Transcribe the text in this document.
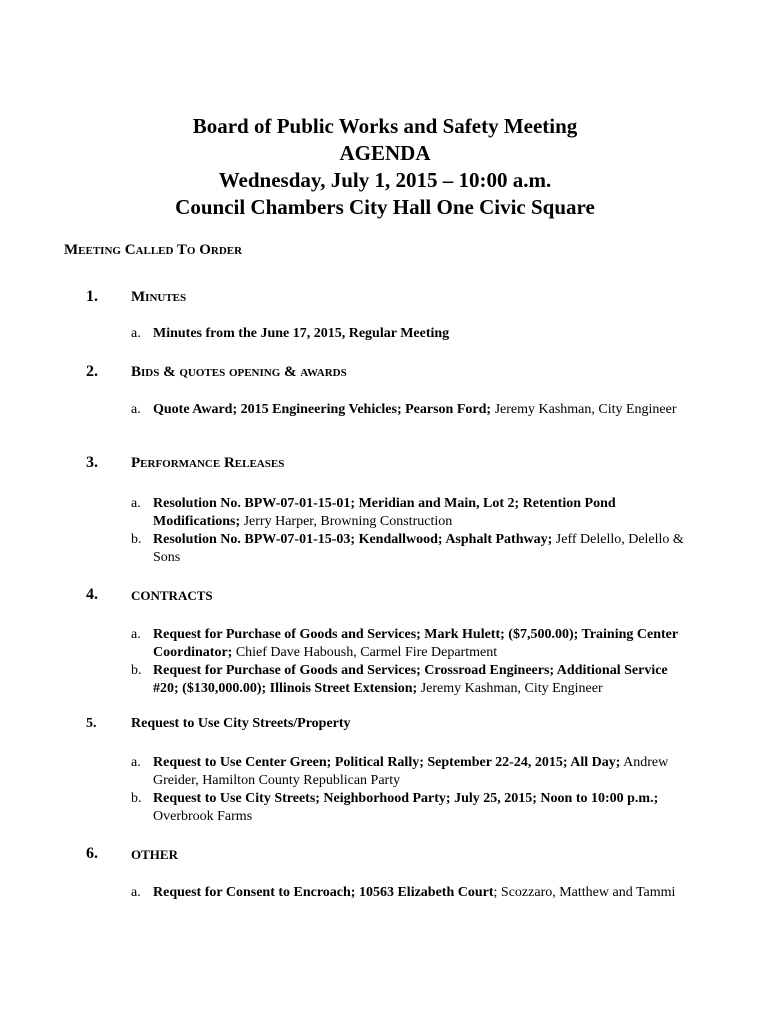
Board of Public Works and Safety Meeting
AGENDA
Wednesday, July 1, 2015 – 10:00 a.m.
Council Chambers City Hall One Civic Square
Meeting Called To Order
1. Minutes
a. Minutes from the June 17, 2015, Regular Meeting
2. Bids & quotes opening & awards
a. Quote Award; 2015 Engineering Vehicles; Pearson Ford; Jeremy Kashman, City Engineer
3. Performance Releases
a. Resolution No. BPW-07-01-15-01; Meridian and Main, Lot 2; Retention Pond Modifications; Jerry Harper, Browning Construction
b. Resolution No. BPW-07-01-15-03; Kendallwood; Asphalt Pathway; Jeff Delello, Delello & Sons
4.	CONTRACTS
a. Request for Purchase of Goods and Services; Mark Hulett; ($7,500.00); Training Center Coordinator; Chief Dave Haboush, Carmel Fire Department
b. Request for Purchase of Goods and Services; Crossroad Engineers; Additional Service #20; ($130,000.00); Illinois Street Extension; Jeremy Kashman, City Engineer
5. Request to Use City Streets/Property
a. Request to Use Center Green; Political Rally; September 22-24, 2015; All Day; Andrew Greider, Hamilton County Republican Party
b. Request to Use City Streets; Neighborhood Party; July 25, 2015; Noon to 10:00 p.m.; Overbrook Farms
6.	OTHER
a. Request for Consent to Encroach; 10563 Elizabeth Court; Scozzaro, Matthew and Tammi
